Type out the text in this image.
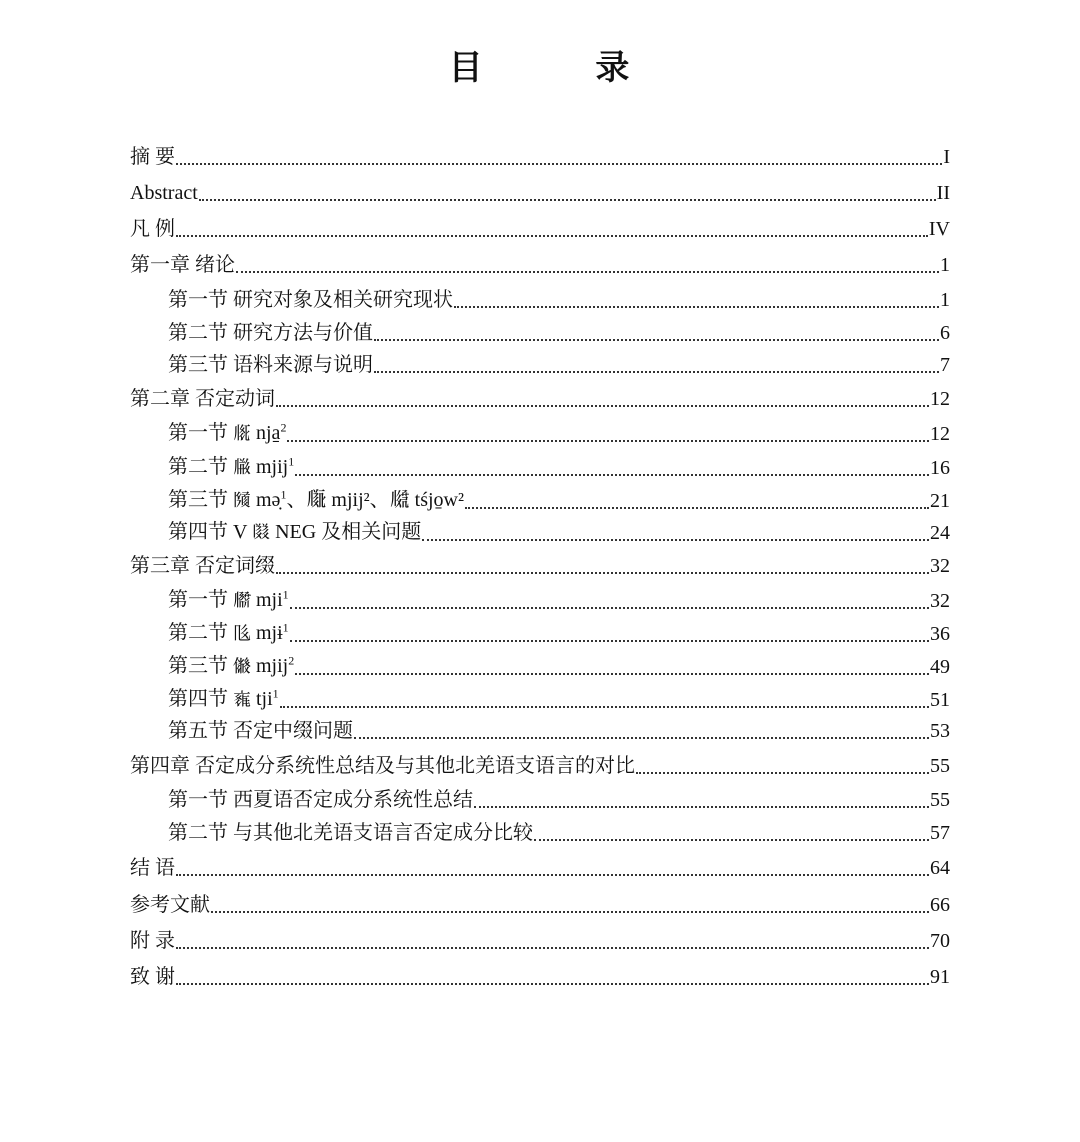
目        录
摘 要	I
Abstract	II
凡 例	IV
第一章 绪论	1
第一节 研究对象及相关研究现状	1
第二节 研究方法与价值	6
第三节 语料来源与说明	7
第二章 否定动词	12
第一节 𗅋 nja̱$^2$	12
第二节 𗆐 mjij$^1$	16
第三节 𗂧 mə̣$^1$、𗆒 mjij²、𗆮 tśjo̱w²	21
第四节 V 𗂸 NEG 及相关问题	24
第三章 否定词缀	32
第一节 𗆷 mji$^1$	32
第二节 𗇅 mjɨ$^1$	36
第三节 𗇉 mjij$^2$	49
第四节 𗇓 tji$^1$	51
第五节 否定中缀问题	53
第四章 否定成分系统性总结及与其他北羌语支语言的对比	55
第一节 西夏语否定成分系统性总结	55
第二节 与其他北羌语支语言否定成分比较	57
结 语	64
参考文献	66
附 录	70
致 谢	91
